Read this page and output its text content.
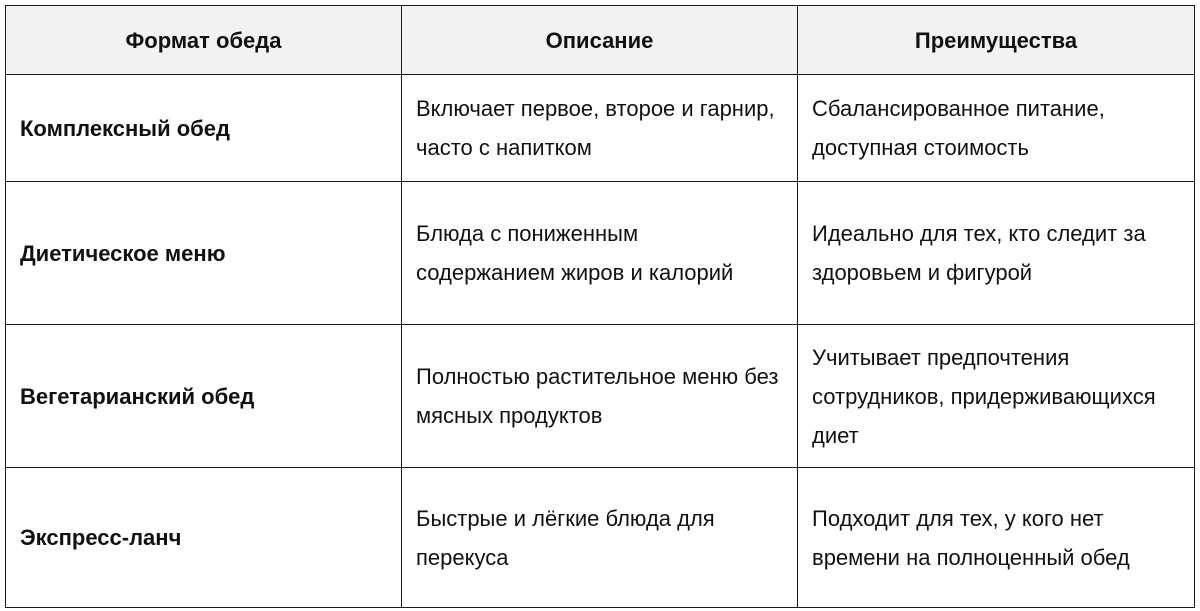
Формат обеда	Описание	Преимущества
Комплексный обед	Включает первое, второе и гарнир, часто с напитком	Сбалансированное питание, доступная стоимость
Диетическое меню	Блюда с пониженным содержанием жиров и калорий	Идеально для тех, кто следит за здоровьем и фигурой
Вегетарианский обед	Полностью растительное меню без мясных продуктов	Учитывает предпочтения сотрудников, придерживающихся диет
Экспресс-ланч	Быстрые и лёгкие блюда для перекуса	Подходит для тех, у кого нет времени на полноценный обед
